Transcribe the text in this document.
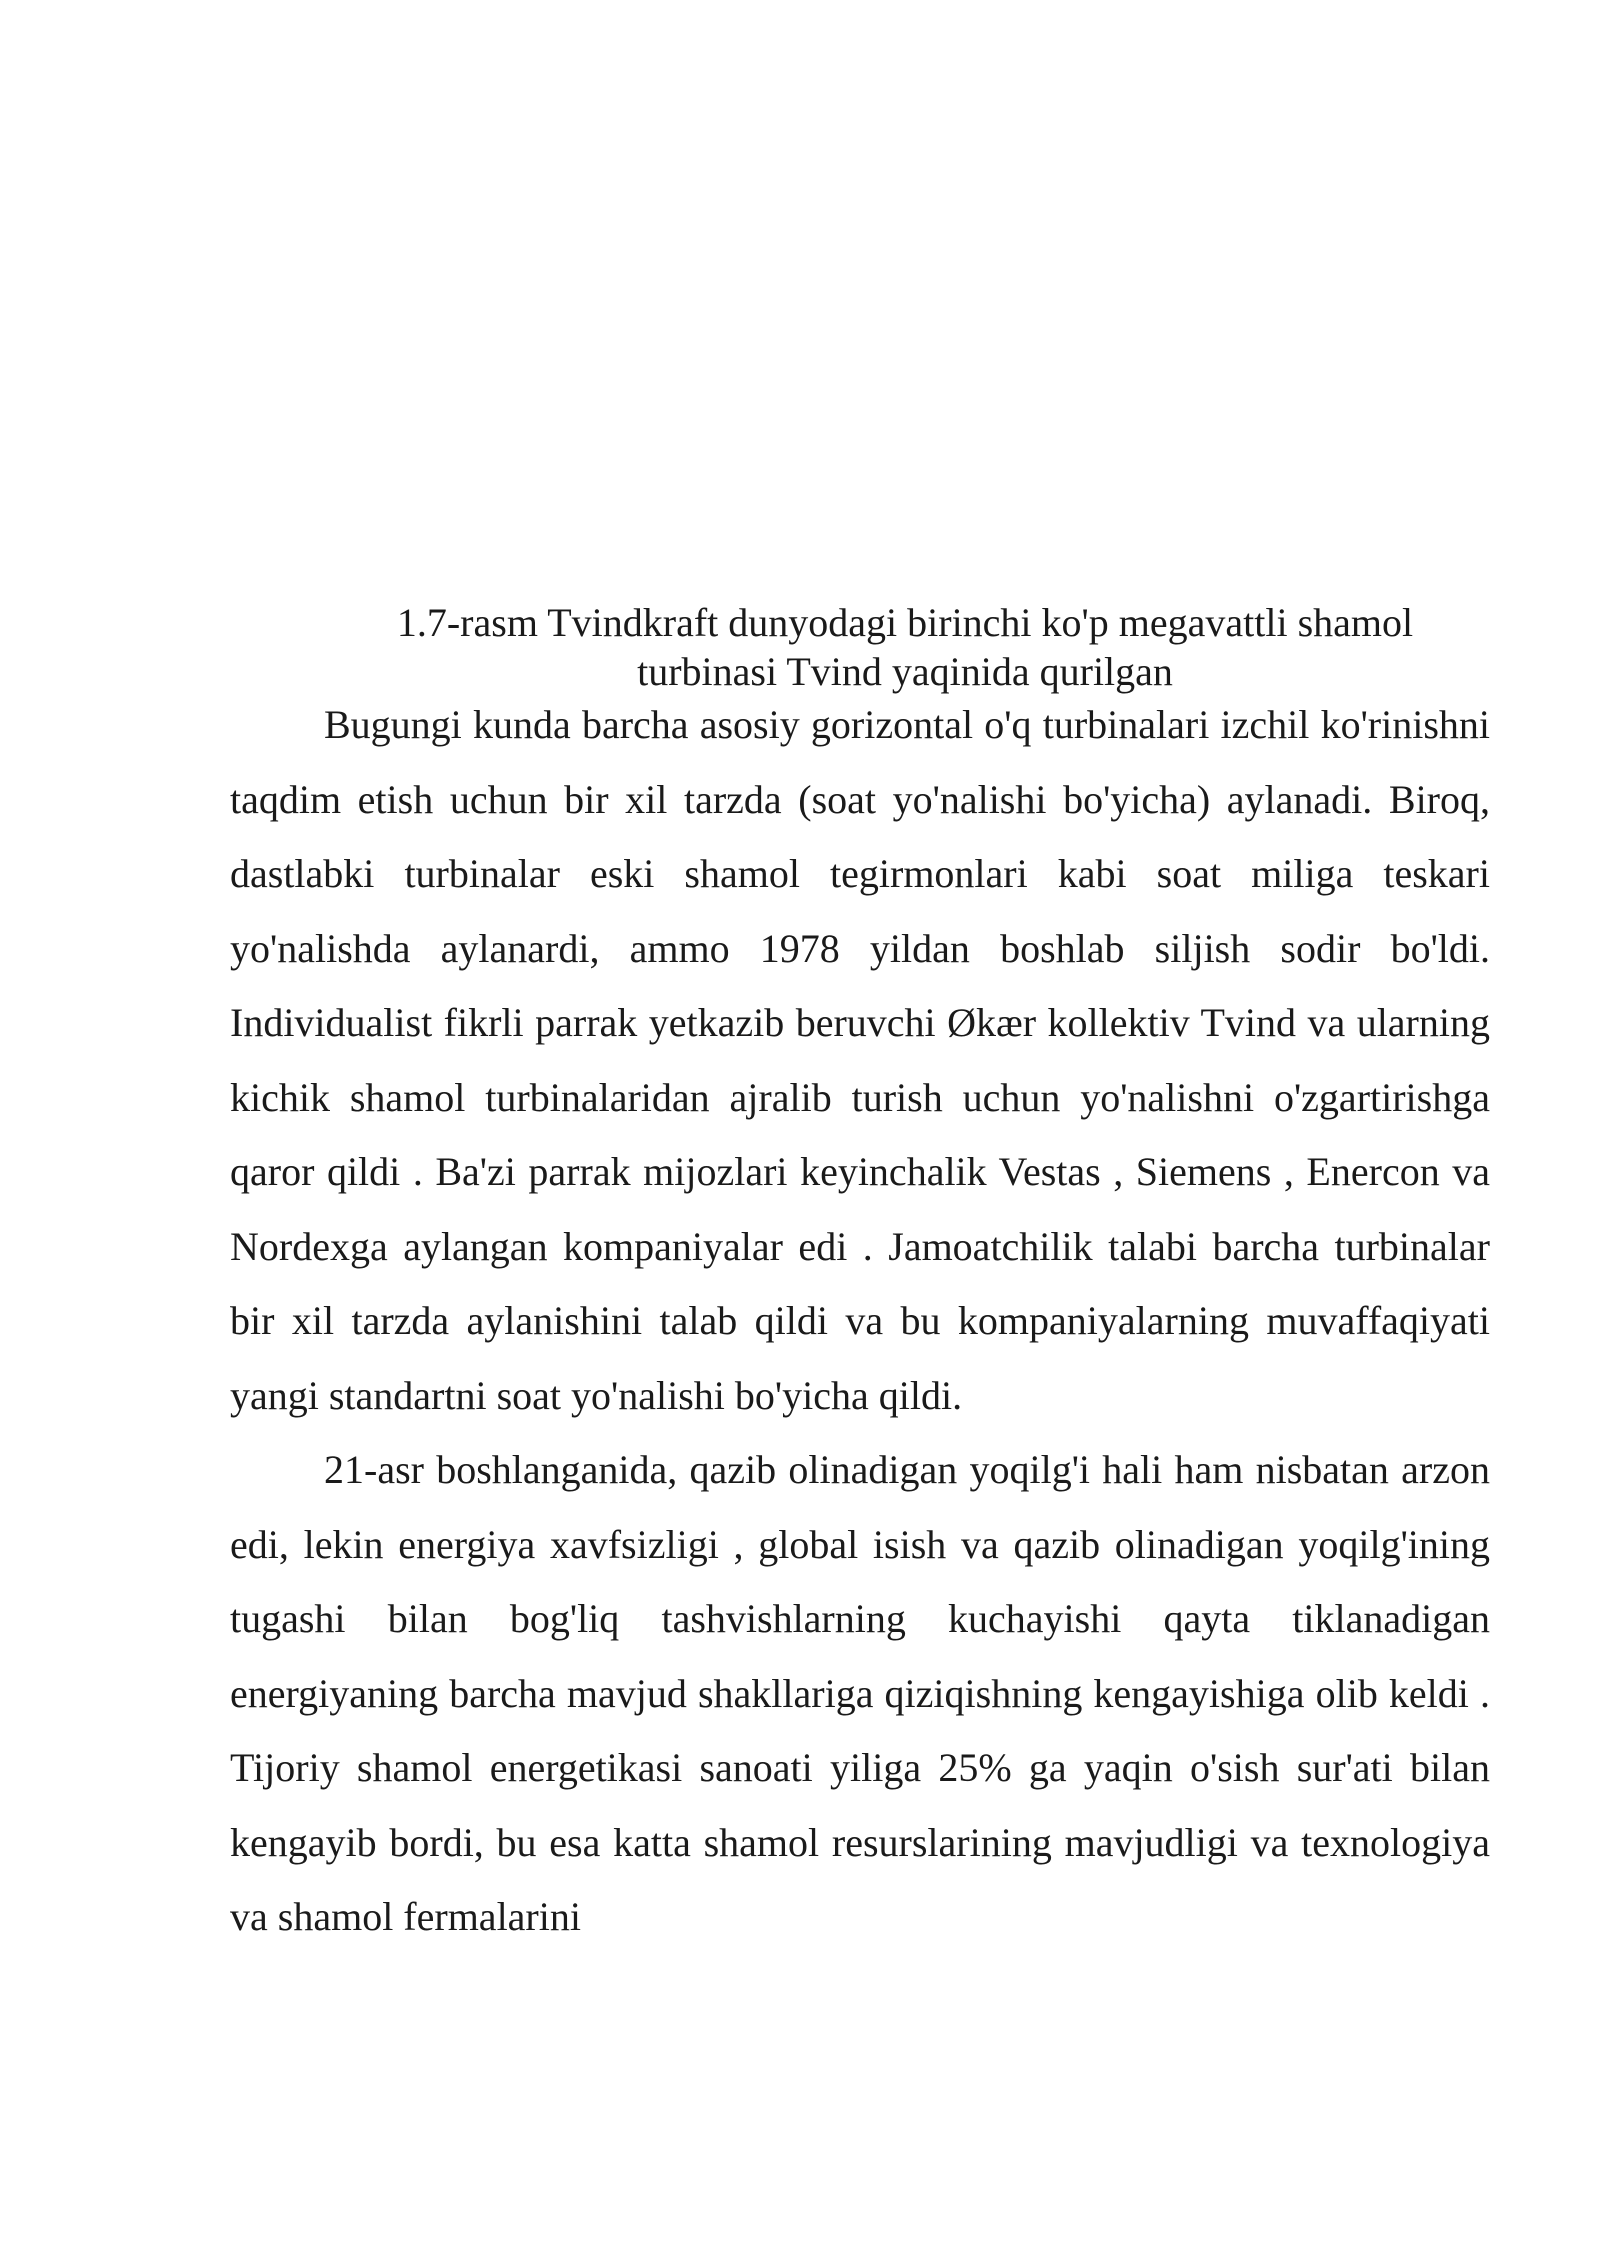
1.7-rasm Tvindkraft dunyodagi birinchi ko'p megavattli shamol
turbinasi Tvind yaqinida qurilgan

Bugungi kunda barcha asosiy gorizontal o'q turbinalari izchil ko'rinishni taqdim etish uchun bir xil tarzda (soat yo'nalishi bo'yicha) aylanadi. Biroq, dastlabki turbinalar eski shamol tegirmonlari kabi soat miliga teskari yo'nalishda aylanardi, ammo 1978 yildan boshlab siljish sodir bo'ldi. Individualist fikrli parrak yetkazib beruvchi Økær kollektiv Tvind va ularning kichik shamol turbinalaridan ajralib turish uchun yo'nalishni o'zgartirishga qaror qildi . Ba'zi parrak mijozlari keyinchalik Vestas , Siemens , Enercon va Nordexga aylangan kompaniyalar edi . Jamoatchilik talabi barcha turbinalar bir xil tarzda aylanishini talab qildi va bu kompaniyalarning muvaffaqiyati yangi standartni soat yo'nalishi bo'yicha qildi.

21-asr boshlanganida, qazib olinadigan yoqilg'i hali ham nisbatan arzon edi, lekin energiya xavfsizligi , global isish va qazib olinadigan yoqilg'ining tugashi bilan bog'liq tashvishlarning kuchayishi qayta tiklanadigan energiyaning barcha mavjud shakllariga qiziqishning kengayishiga olib keldi . Tijoriy shamol energetikasi sanoati yiliga 25% ga yaqin o'sish sur'ati bilan kengayib bordi, bu esa katta shamol resurslarining mavjudligi va texnologiya va shamol fermalarini
